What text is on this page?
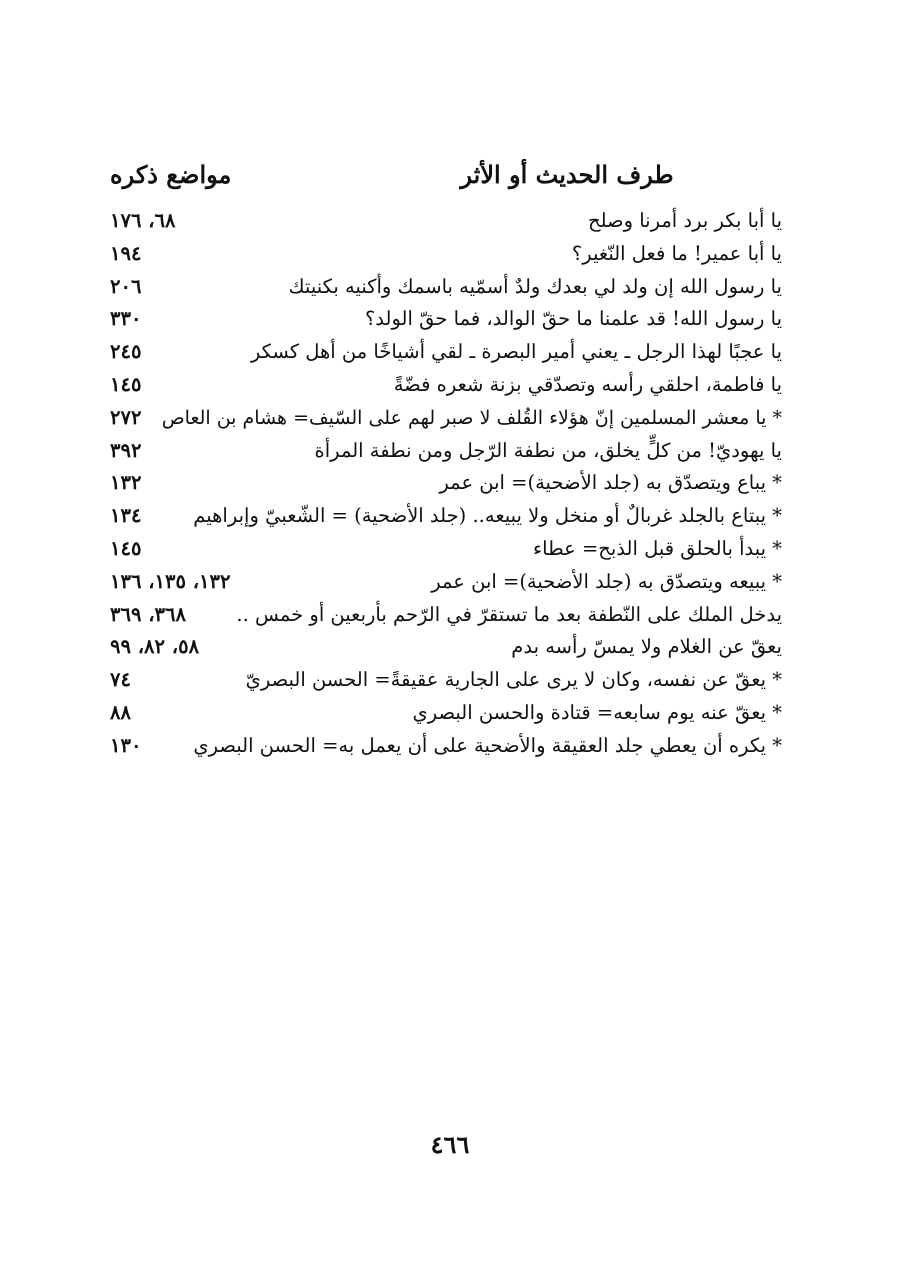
طرف الحديث أو الأثر
مواضع ذكره
يا أبا بكر برد أمرنا وصلح
٦٨، ١٧٦
يا أبا عمير! ما فعل النّغير؟
١٩٤
يا رسول الله إن ولد لي بعدك ولدٌ أسمّيه باسمك وأكنيه بكنيتك
٢٠٦
يا رسول الله! قد علمنا ما حقّ الوالد، فما حقّ الولد؟
٣٣٠
يا عجبًا لهذا الرجل ـ يعني أمير البصرة ـ لقي أشياخًا من أهل كسكر
٢٤٥
يا فاطمة، احلقي رأسه وتصدّقي بزنة شعره فضّةً
١٤٥
* يا معشر المسلمين إنّ هؤلاء القُلف لا صبر لهم على السّيف= هشام بن العاص
٢٧٢
يا يهوديّ! من كلٍّ يخلق، من نطفة الرّجل ومن نطفة المرأة
٣٩٢
* يباع ويتصدّق به (جلد الأضحية)= ابن عمر
١٣٢
* يبتاع بالجلد غربالٌ أو منخل ولا يبيعه.. (جلد الأضحية) = الشّعبيّ وإبراهيم
١٣٤
* يبدأ بالحلق قبل الذبح= عطاء
١٤٥
* يبيعه ويتصدّق به (جلد الأضحية)= ابن عمر
١٣٢، ١٣٥، ١٣٦
يدخل الملك على النّطفة بعد ما تستقرّ في الرّحم بأربعين أو خمس ..
٣٦٨، ٣٦٩
يعقّ عن الغلام ولا يمسّ رأسه بدم
٥٨، ٨٢، ٩٩
* يعقّ عن نفسه، وكان لا يرى على الجارية عقيقةً= الحسن البصريّ
٧٤
* يعقّ عنه يوم سابعه= قتادة والحسن البصري
٨٨
* يكره أن يعطي جلد العقيقة والأضحية على أن يعمل به= الحسن البصري
١٣٠
٤٦٦
